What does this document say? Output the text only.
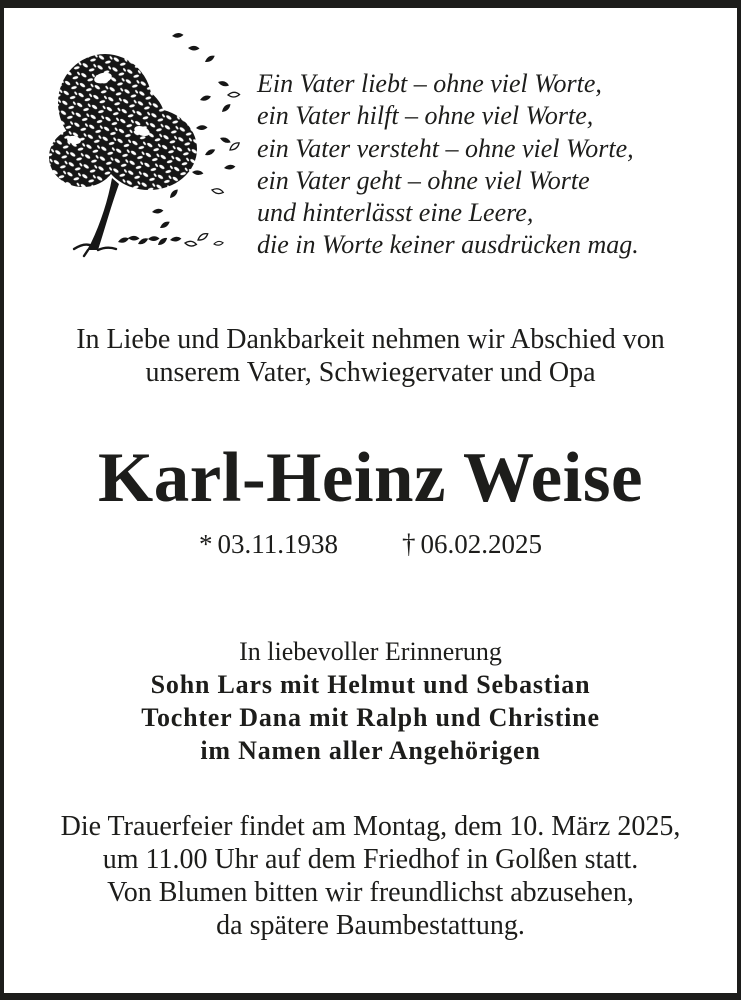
Ein Vater liebt – ohne viel Worte,
ein Vater hilft – ohne viel Worte,
ein Vater versteht – ohne viel Worte,
ein Vater geht – ohne viel Worte
und hinterlässt eine Leere,
die in Worte keiner ausdrücken mag.
In Liebe und Dankbarkeit nehmen wir Abschied von
unserem Vater, Schwiegervater und Opa
Karl-Heinz Weise
* 03.11.1938 † 06.02.2025
In liebevoller Erinnerung
Sohn Lars mit Helmut und Sebastian
Tochter Dana mit Ralph und Christine
im Namen aller Angehörigen
Die Trauerfeier findet am Montag, dem 10. März 2025,
um 11.00 Uhr auf dem Friedhof in Golßen statt.
Von Blumen bitten wir freundlichst abzusehen,
da spätere Baumbestattung.
